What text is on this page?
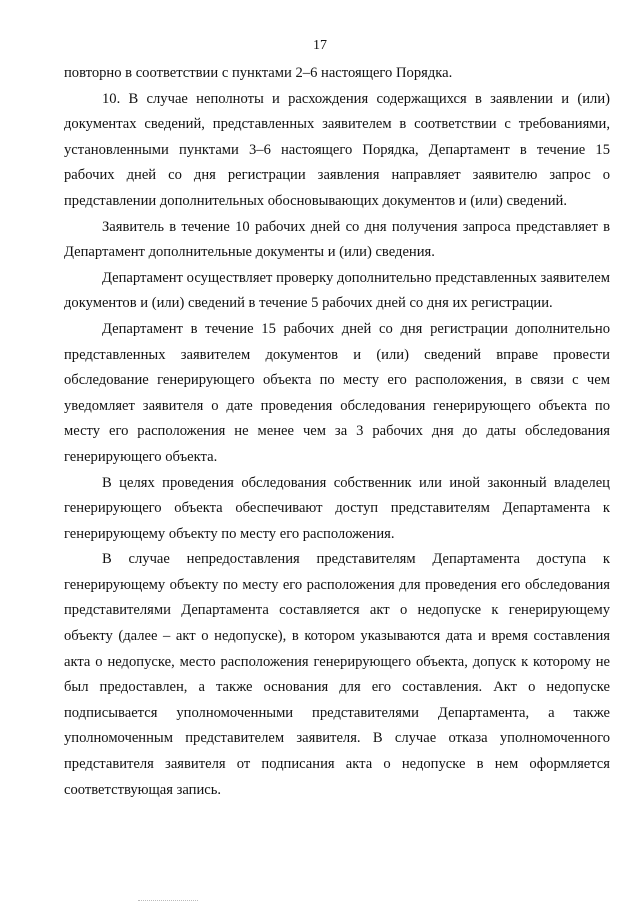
17

повторно в соответствии с пунктами 2–6 настоящего Порядка.

10. В случае неполноты и расхождения содержащихся в заявлении и (или) документах сведений, представленных заявителем в соответствии с требованиями, установленными пунктами 3–6 настоящего Порядка, Департамент в течение 15 рабочих дней со дня регистрации заявления направляет заявителю запрос о представлении дополнительных обосновывающих документов и (или) сведений.

Заявитель в течение 10 рабочих дней со дня получения запроса представляет в Департамент дополнительные документы и (или) сведения.

Департамент осуществляет проверку дополнительно представленных заявителем документов и (или) сведений в течение 5 рабочих дней со дня их регистрации.

Департамент в течение 15 рабочих дней со дня регистрации дополнительно представленных заявителем документов и (или) сведений вправе провести обследование генерирующего объекта по месту его расположения, в связи с чем уведомляет заявителя о дате проведения обследования генерирующего объекта по месту его расположения не менее чем за 3 рабочих дня до даты обследования генерирующего объекта.

В целях проведения обследования собственник или иной законный владелец генерирующего объекта обеспечивают доступ представителям Департамента к генерирующему объекту по месту его расположения.

В случае непредоставления представителям Департамента доступа к генерирующему объекту по месту его расположения для проведения его обследования представителями Департамента составляется акт о недопуске к генерирующему объекту (далее – акт о недопуске), в котором указываются дата и время составления акта о недопуске, место расположения генерирующего объекта, допуск к которому не был предоставлен, а также основания для его составления. Акт о недопуске подписывается уполномоченными представителями Департамента, а также уполномоченным представителем заявителя. В случае отказа уполномоченного представителя заявителя от подписания акта о недопуске в нем оформляется соответствующая запись.
